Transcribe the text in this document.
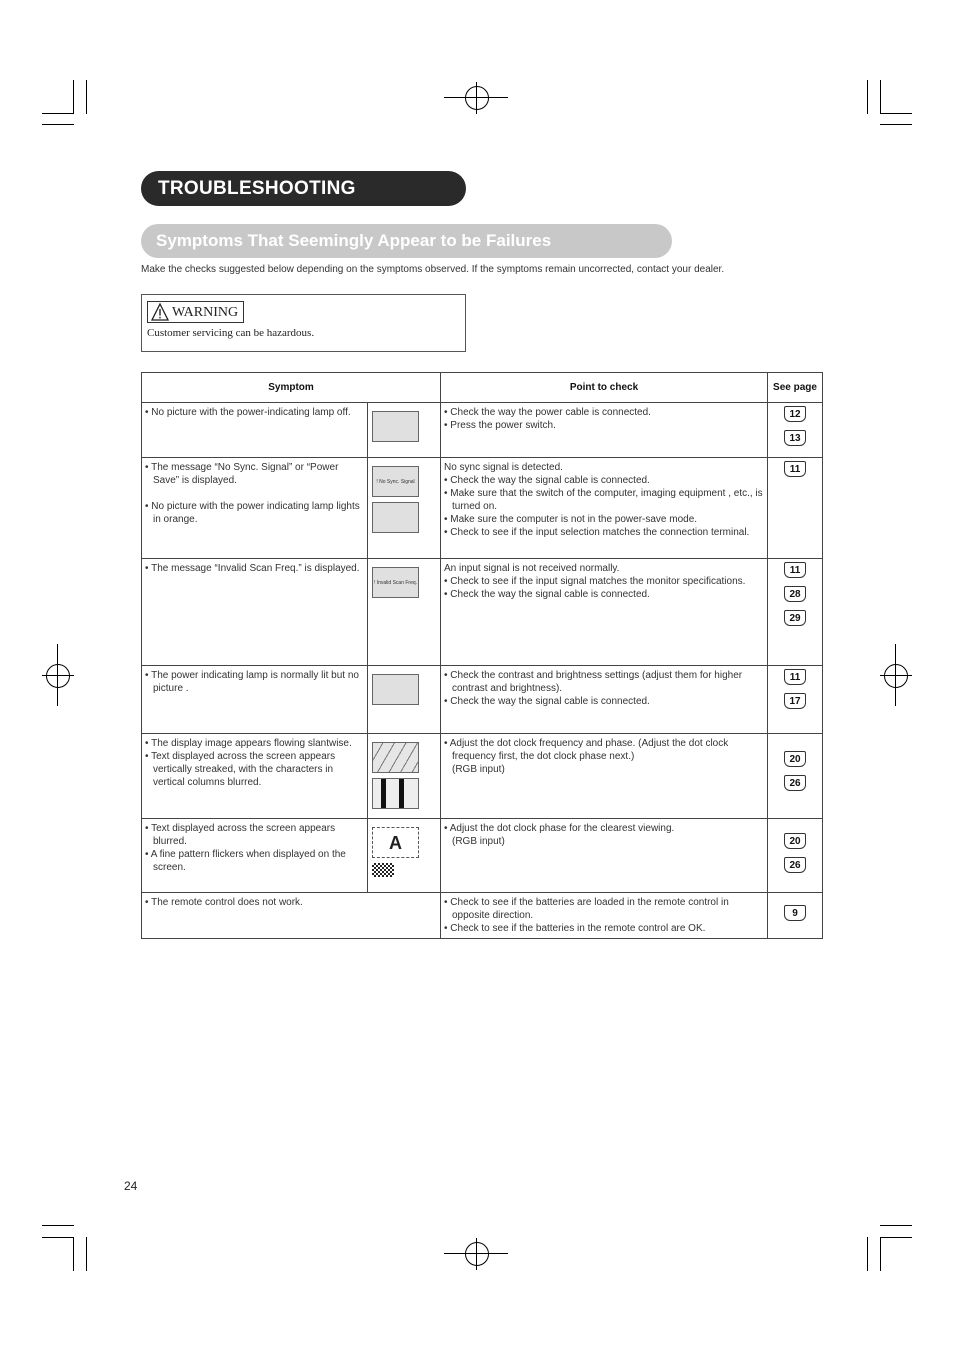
TROUBLESHOOTING
Symptoms That Seemingly Appear to be Failures
Make the checks suggested below depending on the symptoms observed. If the symptoms remain uncorrected, contact your dealer.
WARNING
Customer servicing can be hazardous.
Symptom		Point to check	See page

• No picture with the power-indicating lamp off.		• Check the way the power cable is connected.
• Press the power switch.	12
13

• The message “No Sync. Signal” or “Power Save” is displayed.
• No picture with the power indicating lamp lights in orange.	! No Sync. Signal	No sync signal is detected.
• Check the way the signal cable is connected.
• Make sure that the switch of the computer, imaging equipment , etc., is turned on.
• Make sure the computer is not in the power-save mode.
• Check to see if the input selection matches the connection terminal.	11

• The message “Invalid Scan Freq.” is displayed.	! Invalid Scan Freq.	An input signal is not received normally.
• Check to see if the input signal matches the monitor specifications.
• Check the way the signal cable is connected.	11
28
29

• The power indicating lamp is normally lit but no picture .		• Check the contrast and brightness settings (adjust them for higher contrast and brightness).
• Check the way the signal cable is connected.	11
17

• The display image appears flowing slantwise.
• Text displayed across the screen appears vertically streaked, with the characters in vertical columns blurred.		• Adjust the dot clock frequency and phase. (Adjust the dot clock frequency first, the dot clock phase next.)
(RGB input)	20
26

• Text displayed across the screen appears blurred.
• A fine pattern flickers when displayed on the screen.	A	• Adjust the dot clock phase for the clearest viewing.
(RGB input)	20
26

• The remote control does not work.		• Check to see if the batteries are loaded in the remote control in opposite direction.
• Check to see if the batteries in the remote control are OK.	9
24
